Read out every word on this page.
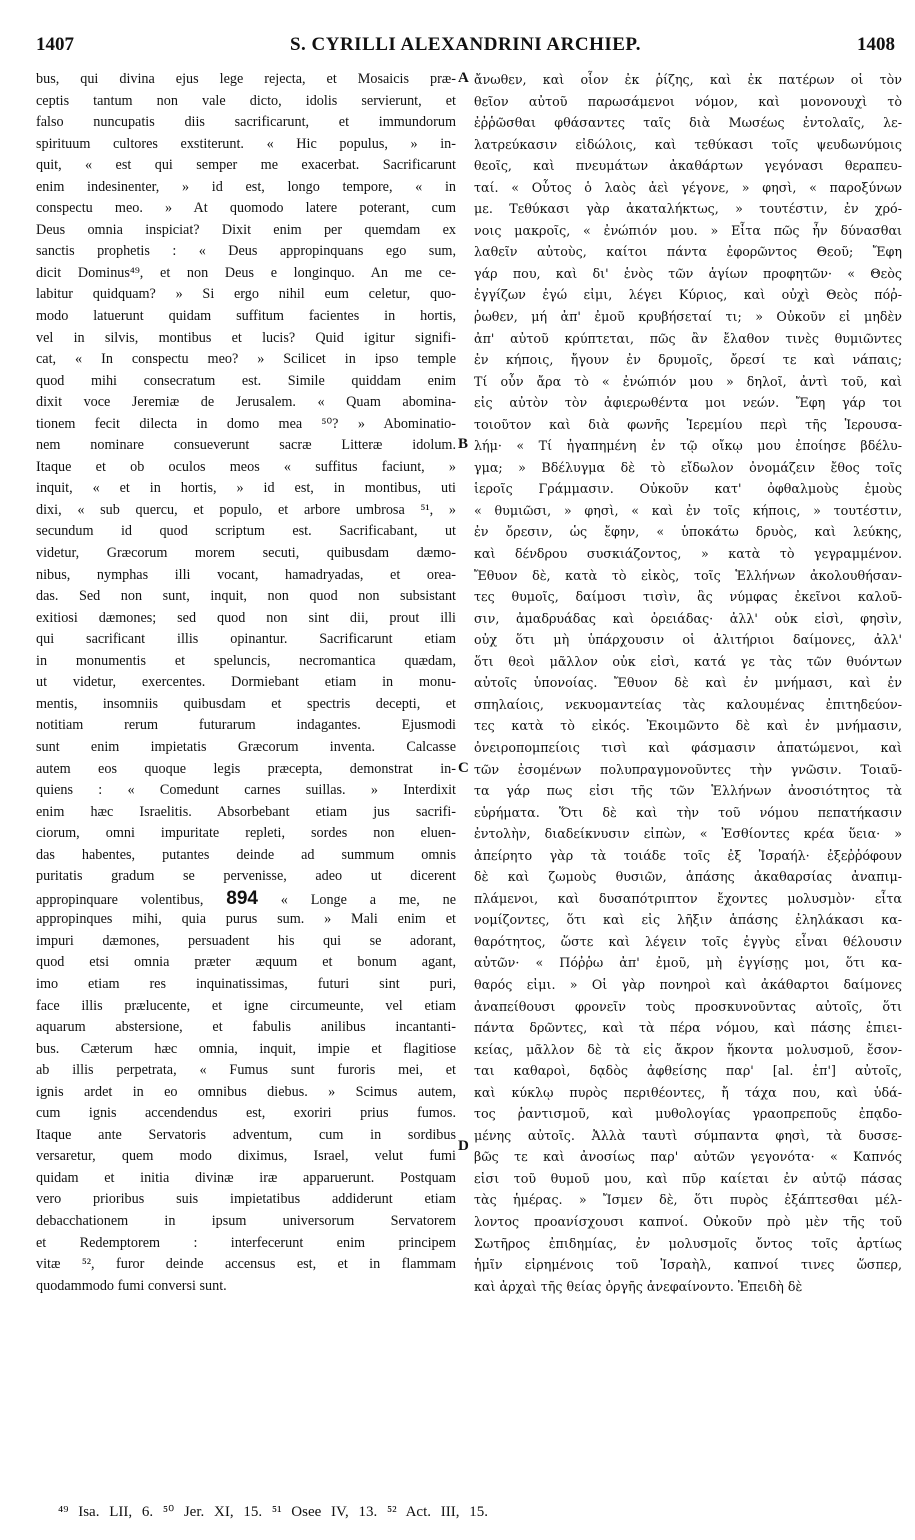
1407	S. CYRILLI ALEXANDRINI ARCHIEP.	1408
bus, qui divina ejus lege rejecta, et Mosaicis præ-
ceptis tantum non vale dicto, idolis servierunt, et
falso nuncupatis diis sacrificarunt, et immundorum
spirituum cultores exstiterunt. « Hic populus, » in-
quit, « est qui semper me exacerbat. Sacrificarunt
enim indesinenter, » id est, longo tempore, « in
conspectu meo. » At quomodo latere poterant, cum
Deus omnia inspiciat? Dixit enim per quemdam ex
sanctis prophetis : « Deus appropinquans ego sum,
dicit Dominus⁴⁹, et non Deus e longinquo. An me ce-
labitur quidquam? » Si ergo nihil eum celetur, quo-
modo latuerunt quidam suffitum facientes in hortis,
vel in silvis, montibus et lucis? Quid igitur signifi-
cat, « In conspectu meo? » Scilicet in ipso temple
quod mihi consecratum est. Simile quiddam enim
dixit voce Jeremiæ de Jerusalem. « Quam abomina-
tionem fecit dilecta in domo mea ⁵⁰? » Abominatio-
nem nominare consueverunt sacræ Litteræ idolum.
Itaque et ob oculos meos « suffitus faciunt, »
inquit, « et in hortis, » id est, in montibus, uti
dixi, « sub quercu, et populo, et arbore umbrosa ⁵¹, »
secundum id quod scriptum est. Sacrificabant, ut
videtur, Græcorum morem secuti, quibusdam dæmo-
nibus, nymphas illi vocant, hamadryadas, et orea-
das. Sed non sunt, inquit, non quod non subsistant
exitiosi dæmones; sed quod non sint dii, prout illi
qui sacrificant illis opinantur. Sacrificarunt etiam
in monumentis et speluncis, necromantica quædam,
ut videtur, exercentes. Dormiebant etiam in monu-
mentis, insomniis quibusdam et spectris decepti, et
notitiam rerum futurarum indagantes. Ejusmodi
sunt enim impietatis Græcorum inventa. Calcasse
autem eos quoque legis præcepta, demonstrat in-
quiens : « Comedunt carnes suillas. » Interdixit
enim hæc Israelitis. Absorbebant etiam jus sacrifi-
ciorum, omni impuritate repleti, sordes non eluen-
das habentes, putantes deinde ad summum omnis
puritatis gradum se pervenisse, adeo ut dicerent
appropinquare volentibus, 894 « Longe a me, ne
appropinques mihi, quia purus sum. » Mali enim et
impuri dæmones, persuadent his qui se adorant,
quod etsi omnia præter æquum et bonum agant,
imo etiam res inquinatissimas, futuri sint puri,
face illis prælucente, et igne circumeunte, vel etiam
aquarum abstersione, et fabulis anilibus incantanti-
bus. Cæterum hæc omnia, inquit, impie et flagitiose
ab illis perpetrata, « Fumus sunt furoris mei, et
ignis ardet in eo omnibus diebus. » Scimus autem,
cum ignis accendendus est, exoriri prius fumos.
Itaque ante Servatoris adventum, cum in sordibus
versaretur, quem modo diximus, Israel, velut fumi
quidam et initia divinæ iræ apparuerunt. Postquam
vero prioribus suis impietatibus addiderunt etiam
debacchationem in ipsum universorum Servatorem
et Redemptorem : interfecerunt enim principem
vitæ ⁵², furor deinde accensus est, et in flammam
quodammodo fumi conversi sunt.
ἄνωθεν, καὶ οἷον ἐκ ῥίζης, καὶ ἐκ πατέρων οἱ τὸν
θεῖον αὐτοῦ παρωσάμενοι νόμον, καὶ μονονουχὶ τὸ
ἐῤῥῶσθαι φθάσαντες ταῖς διὰ Μωσέως ἐντολαῖς, λε-
λατρεύκασιν εἰδώλοις, καὶ τεθύκασι τοῖς ψευδωνύμοις
θεοῖς, καὶ πνευμάτων ἀκαθάρτων γεγόνασι θεραπευ-
ταί. « Οὗτος ὁ λαὸς ἀεὶ γέγονε, » φησὶ, « παροξύνων
με. Τεθύκασι γὰρ ἀκαταλήκτως, » τουτέστιν, ἐν χρό-
νοις μακροῖς, « ἐνώπιόν μου. » Εἶτα πῶς ἦν δύνασθαι
λαθεῖν αὐτοὺς, καίτοι πάντα ἐφορῶντος Θεοῦ; Ἔφη
γάρ που, καὶ δι' ἑνὸς τῶν ἁγίων προφητῶν· « Θεὸς
ἐγγίζων ἐγώ εἰμι, λέγει Κύριος, καὶ οὐχὶ Θεὸς πόῤ-
ῥωθεν, μή ἀπ' ἐμοῦ κρυβήσεταί τι; » Οὐκοῦν εἰ μηδὲν
ἀπ' αὐτοῦ κρύπτεται, πῶς ἂν ἔλαθον τινὲς θυμιῶντες
ἐν κήποις, ἤγουν ἐν δρυμοῖς, ὄρεσί τε καὶ νάπαις;
Τί οὖν ἄρα τὸ « ἐνώπιόν μου » δηλοῖ, ἀντὶ τοῦ, καὶ
εἰς αὐτὸν τὸν ἀφιερωθέντα μοι νεών. Ἔφη γάρ τοι
τοιοῦτον καὶ διὰ φωνῆς Ἱερεμίου περὶ τῆς Ἱερουσα-
λήμ· « Τί ἠγαπημένη ἐν τῷ οἴκῳ μου ἐποίησε βδέλυ-
γμα; » Βδέλυγμα δὲ τὸ εἴδωλον ὀνομάζειν ἔθος τοῖς
ἱεροῖς Γράμμασιν. Οὐκοῦν κατ' ὀφθαλμοὺς ἐμοὺς
« θυμιῶσι, » φησὶ, « καὶ ἐν τοῖς κήποις, » τουτέστιν,
ἐν ὄρεσιν, ὡς ἔφην, « ὑποκάτω δρυὸς, καὶ λεύκης,
καὶ δένδρου συσκιάζοντος, » κατὰ τὸ γεγραμμένον.
Ἔθυον δὲ, κατὰ τὸ εἰκὸς, τοῖς Ἑλλήνων ἀκολουθήσαν-
τες θυμοῖς, δαίμοσι τισὶν, ἃς νύμφας ἐκεῖνοι καλοῦ-
σιν, ἀμαδρυάδας καὶ ὀρειάδας· ἀλλ' οὐκ εἰσὶ, φησὶν,
οὐχ ὅτι μὴ ὑπάρχουσιν οἱ ἀλιτήριοι δαίμονες, ἀλλ'
ὅτι θεοὶ μᾶλλον οὐκ εἰσὶ, κατά γε τὰς τῶν θυόντων
αὐτοῖς ὑπονοίας. Ἔθυον δὲ καὶ ἐν μνήμασι, καὶ ἐν
σπηλαίοις, νεκυομαντείας τὰς καλουμένας ἐπιτηδεύον-
τες κατὰ τὸ εἰκός. Ἐκοιμῶντο δὲ καὶ ἐν μνήμασιν,
ὀνειροπομπείοις τισὶ καὶ φάσμασιν ἀπατώμενοι, καὶ
τῶν ἐσομένων πολυπραγμονοῦντες τὴν γνῶσιν. Τοιαῦ-
τα γάρ πως εἰσι τῆς τῶν Ἑλλήνων ἀνοσιότητος τὰ
εὑρήματα. Ὅτι δὲ καὶ τὴν τοῦ νόμου πεπατήκασιν
ἐντολὴν, διαδείκνυσιν εἰπὼν, « Ἐσθίοντες κρέα ὕεια· »
ἀπείρητο γὰρ τὰ τοιάδε τοῖς ἐξ Ἰσραήλ· ἐξεῤῥόφουν
δὲ καὶ ζωμοὺς θυσιῶν, ἁπάσης ἀκαθαρσίας ἀναπιμ-
πλάμενοι, καὶ δυσαπότριπτον ἔχοντες μολυσμὸν· εἶτα
νομίζοντες, ὅτι καὶ εἰς λῆξιν ἁπάσης ἐληλάκασι κα-
θαρότητος, ὥστε καὶ λέγειν τοῖς ἐγγὺς εἶναι θέλουσιν
αὐτῶν· « Πόῤῥω ἀπ' ἐμοῦ, μὴ ἐγγίσῃς μοι, ὅτι κα-
θαρός εἰμι. » Οἱ γὰρ πονηροὶ καὶ ἀκάθαρτοι δαίμονες
ἀναπείθουσι φρονεῖν τοὺς προσκυνοῦντας αὐτοῖς, ὅτι
πάντα δρῶντες, καὶ τὰ πέρα νόμου, καὶ πάσης ἐπιει-
κείας, μᾶλλον δὲ τὰ εἰς ἄκρον ἥκοντα μολυσμοῦ, ἔσον-
ται καθαροὶ, δᾳδὸς ἀφθείσης παρ' [al. ἐπ'] αὐτοῖς,
καὶ κύκλῳ πυρὸς περιθέοντες, ἤ τάχα που, καὶ ὑδά-
τος ῥαντισμοῦ, καὶ μυθολογίας γραοπρεποῦς ἐπᾳδο-
μένης αὐτοῖς. Ἀλλὰ ταυτὶ σύμπαντα φησὶ, τὰ δυσσε-
βῶς τε καὶ ἀνοσίως παρ' αὐτῶν γεγονότα· « Καπνός
εἰσι τοῦ θυμοῦ μου, καὶ πῦρ καίεται ἐν αὐτῷ πάσας
τὰς ἡμέρας. » Ἴσμεν δὲ, ὅτι πυρὸς ἐξάπτεσθαι μέλ-
λοντος προανίσχουσι καπνοί. Οὐκοῦν πρὸ μὲν τῆς τοῦ
Σωτῆρος ἐπιδημίας, ἐν μολυσμοῖς ὄντος τοῖς ἀρτίως
ἡμῖν εἰρημένοις τοῦ Ἰσραὴλ, καπνοί τινες ὥσπερ,
καὶ ἀρχαὶ τῆς θείας ὀργῆς ἀνεφαίνοντο. Ἐπειδὴ δὲ
A
B
C
D
⁴⁹ Isa. LII, 6. ⁵⁰ Jer. XI, 15. ⁵¹ Osee IV, 13. ⁵² Act. III, 15.
